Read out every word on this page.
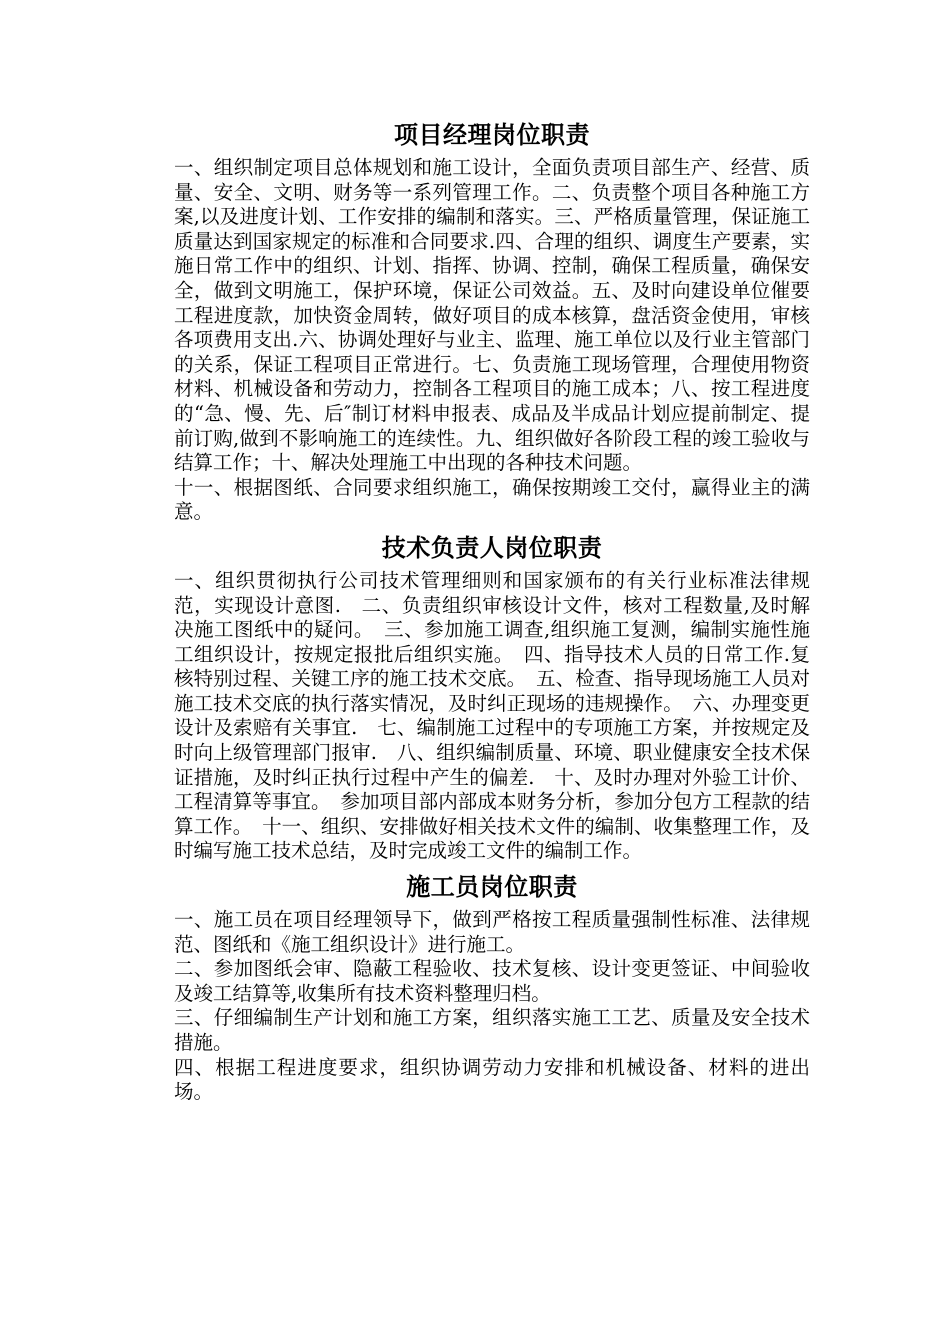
项目经理岗位职责

一、组织制定项目总体规划和施工设计，全面负责项目部生产、经营、质量、安全、文明、财务等一系列管理工作。二、负责整个项目各种施工方案,以及进度计划、工作安排的编制和落实。三、严格质量管理，保证施工质量达到国家规定的标准和合同要求.四、合理的组织、调度生产要素，实施日常工作中的组织、计划、指挥、协调、控制，确保工程质量，确保安全，做到文明施工，保护环境，保证公司效益。五、及时向建设单位催要工程进度款，加快资金周转，做好项目的成本核算，盘活资金使用，审核各项费用支出.六、协调处理好与业主、监理、施工单位以及行业主管部门的关系，保证工程项目正常进行。七、负责施工现场管理，合理使用物资材料、机械设备和劳动力，控制各工程项目的施工成本；八、按工程进度的“急、慢、先、后″制订材料申报表、成品及半成品计划应提前制定、提前订购,做到不影响施工的连续性。九、组织做好各阶段工程的竣工验收与结算工作；十、解决处理施工中出现的各种技术问题。

十一、根据图纸、合同要求组织施工，确保按期竣工交付，赢得业主的满意。

技术负责人岗位职责

一、组织贯彻执行公司技术管理细则和国家颁布的有关行业标准法律规范，实现设计意图.　二、负责组织审核设计文件，核对工程数量,及时解决施工图纸中的疑问。　三、参加施工调查,组织施工复测，编制实施性施工组织设计，按规定报批后组织实施。　四、指导技术人员的日常工作.复核特别过程、关键工序的施工技术交底。　五、检查、指导现场施工人员对施工技术交底的执行落实情况，及时纠正现场的违规操作。　六、办理变更设计及索赔有关事宜.　七、编制施工过程中的专项施工方案，并按规定及时向上级管理部门报审.　八、组织编制质量、环境、职业健康安全技术保证措施，及时纠正执行过程中产生的偏差.　十、及时办理对外验工计价、工程清算等事宜。　参加项目部内部成本财务分析，参加分包方工程款的结算工作。　十一、组织、安排做好相关技术文件的编制、收集整理工作，及时编写施工技术总结，及时完成竣工文件的编制工作。

施工员岗位职责

一、施工员在项目经理领导下，做到严格按工程质量强制性标准、法律规范、图纸和《施工组织设计》进行施工。

二、参加图纸会审、隐蔽工程验收、技术复核、设计变更签证、中间验收及竣工结算等,收集所有技术资料整理归档。

三、仔细编制生产计划和施工方案，组织落实施工工艺、质量及安全技术措施。

四、根据工程进度要求，组织协调劳动力安排和机械设备、材料的进出场。
